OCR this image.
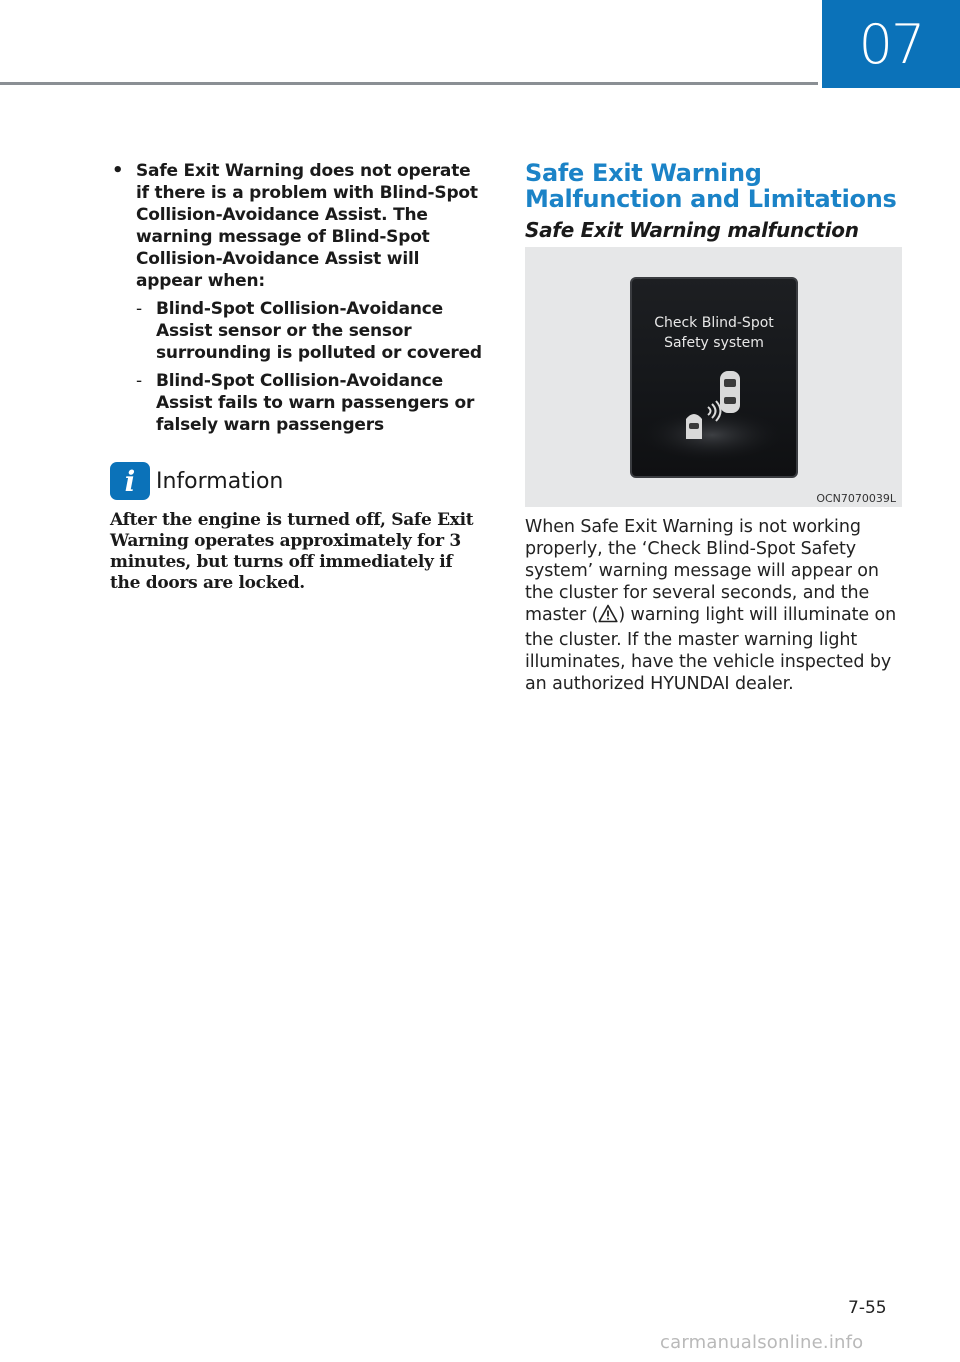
07
• Safe Exit Warning does not operate if there is a problem with Blind-Spot Collision-Avoidance Assist. The warning message of Blind-Spot Collision-Avoidance Assist will appear when:
- Blind-Spot Collision-Avoidance Assist sensor or the sensor surrounding is polluted or covered
- Blind-Spot Collision-Avoidance Assist fails to warn passengers or falsely warn passengers
i Information
After the engine is turned off, Safe Exit Warning operates approximately for 3 minutes, but turns off immediately if the doors are locked.
Safe Exit Warning Malfunction and Limitations
Safe Exit Warning malfunction
Check Blind-Spot
Safety system
OCN7070039L
When Safe Exit Warning is not working properly, the ‘Check Blind-Spot Safety system’ warning message will appear on the cluster for several seconds, and the master ( ) warning light will illuminate on the cluster. If the master warning light illuminates, have the vehicle inspected by an authorized HYUNDAI dealer.
7-55
carmanualsonline.info
